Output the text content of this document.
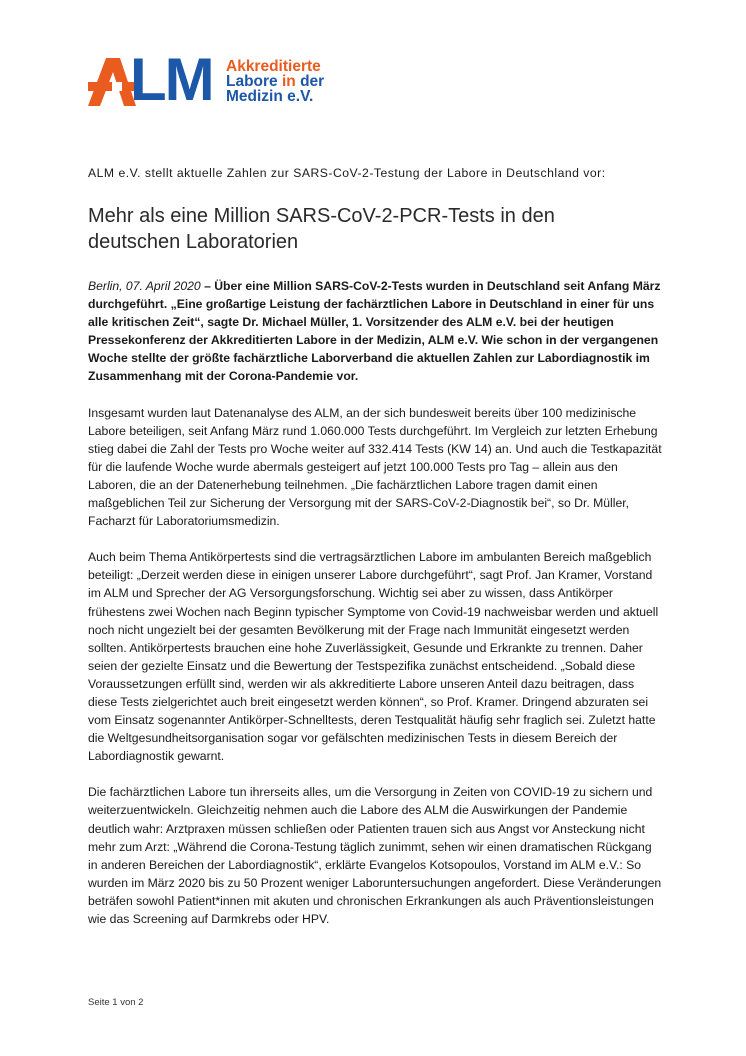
A LM Akkreditierte
Labore in der
Medizin e.V.
ALM e.V. stellt aktuelle Zahlen zur SARS-CoV-2-Testung der Labore in Deutschland vor:
Mehr als eine Million SARS-CoV-2-PCR-Tests in den deutschen Laboratorien

Berlin, 07. April 2020 – Über eine Million SARS-CoV-2-Tests wurden in Deutschland seit Anfang März durchgeführt. „Eine großartige Leistung der fachärztlichen Labore in Deutschland in einer für uns alle kritischen Zeit“, sagte Dr. Michael Müller, 1. Vorsitzender des ALM e.V. bei der heutigen Pressekonferenz der Akkreditierten Labore in der Medizin, ALM e.V. Wie schon in der vergangenen Woche stellte der größte fachärztliche Laborverband die aktuellen Zahlen zur Labordiagnostik im Zusammenhang mit der Corona-Pandemie vor.

Insgesamt wurden laut Datenanalyse des ALM, an der sich bundesweit bereits über 100 medizinische Labore beteiligen, seit Anfang März rund 1.060.000 Tests durchgeführt. Im Vergleich zur letzten Erhebung stieg dabei die Zahl der Tests pro Woche weiter auf 332.414 Tests (KW 14) an. Und auch die Testkapazität für die laufende Woche wurde abermals gesteigert auf jetzt 100.000 Tests pro Tag – allein aus den Laboren, die an der Datenerhebung teilnehmen. „Die fachärztlichen Labore tragen damit einen maßgeblichen Teil zur Sicherung der Versorgung mit der SARS-CoV-2-Diagnostik bei“, so Dr. Müller, Facharzt für Laboratoriumsmedizin.

Auch beim Thema Antikörpertests sind die vertragsärztlichen Labore im ambulanten Bereich maßgeblich beteiligt: „Derzeit werden diese in einigen unserer Labore durchgeführt“, sagt Prof. Jan Kramer, Vorstand im ALM und Sprecher der AG Versorgungsforschung. Wichtig sei aber zu wissen, dass Antikörper frühestens zwei Wochen nach Beginn typischer Symptome von Covid-19 nachweisbar werden und aktuell noch nicht ungezielt bei der gesamten Bevölkerung mit der Frage nach Immunität eingesetzt werden sollten. Antikörpertests brauchen eine hohe Zuverlässigkeit, Gesunde und Erkrankte zu trennen. Daher seien der gezielte Einsatz und die Bewertung der Testspezifika zunächst entscheidend. „Sobald diese Voraussetzungen erfüllt sind, werden wir als akkreditierte Labore unseren Anteil dazu beitragen, dass diese Tests zielgerichtet auch breit eingesetzt werden können“, so Prof. Kramer. Dringend abzuraten sei vom Einsatz sogenannter Antikörper-Schnelltests, deren Testqualität häufig sehr fraglich sei. Zuletzt hatte die Weltgesundheitsorganisation sogar vor gefälschten medizinischen Tests in diesem Bereich der Labordiagnostik gewarnt.

Die fachärztlichen Labore tun ihrerseits alles, um die Versorgung in Zeiten von COVID-19 zu sichern und weiterzuentwickeln. Gleichzeitig nehmen auch die Labore des ALM die Auswirkungen der Pandemie deutlich wahr: Arztpraxen müssen schließen oder Patienten trauen sich aus Angst vor Ansteckung nicht mehr zum Arzt: „Während die Corona-Testung täglich zunimmt, sehen wir einen dramatischen Rückgang in anderen Bereichen der Labordiagnostik“, erklärte Evangelos Kotsopoulos, Vorstand im ALM e.V.: So wurden im März 2020 bis zu 50 Prozent weniger Laboruntersuchungen angefordert. Diese Veränderungen beträfen sowohl Patient*innen mit akuten und chronischen Erkrankungen als auch Präventionsleistungen wie das Screening auf Darmkrebs oder HPV.

Seite 1 von 2
